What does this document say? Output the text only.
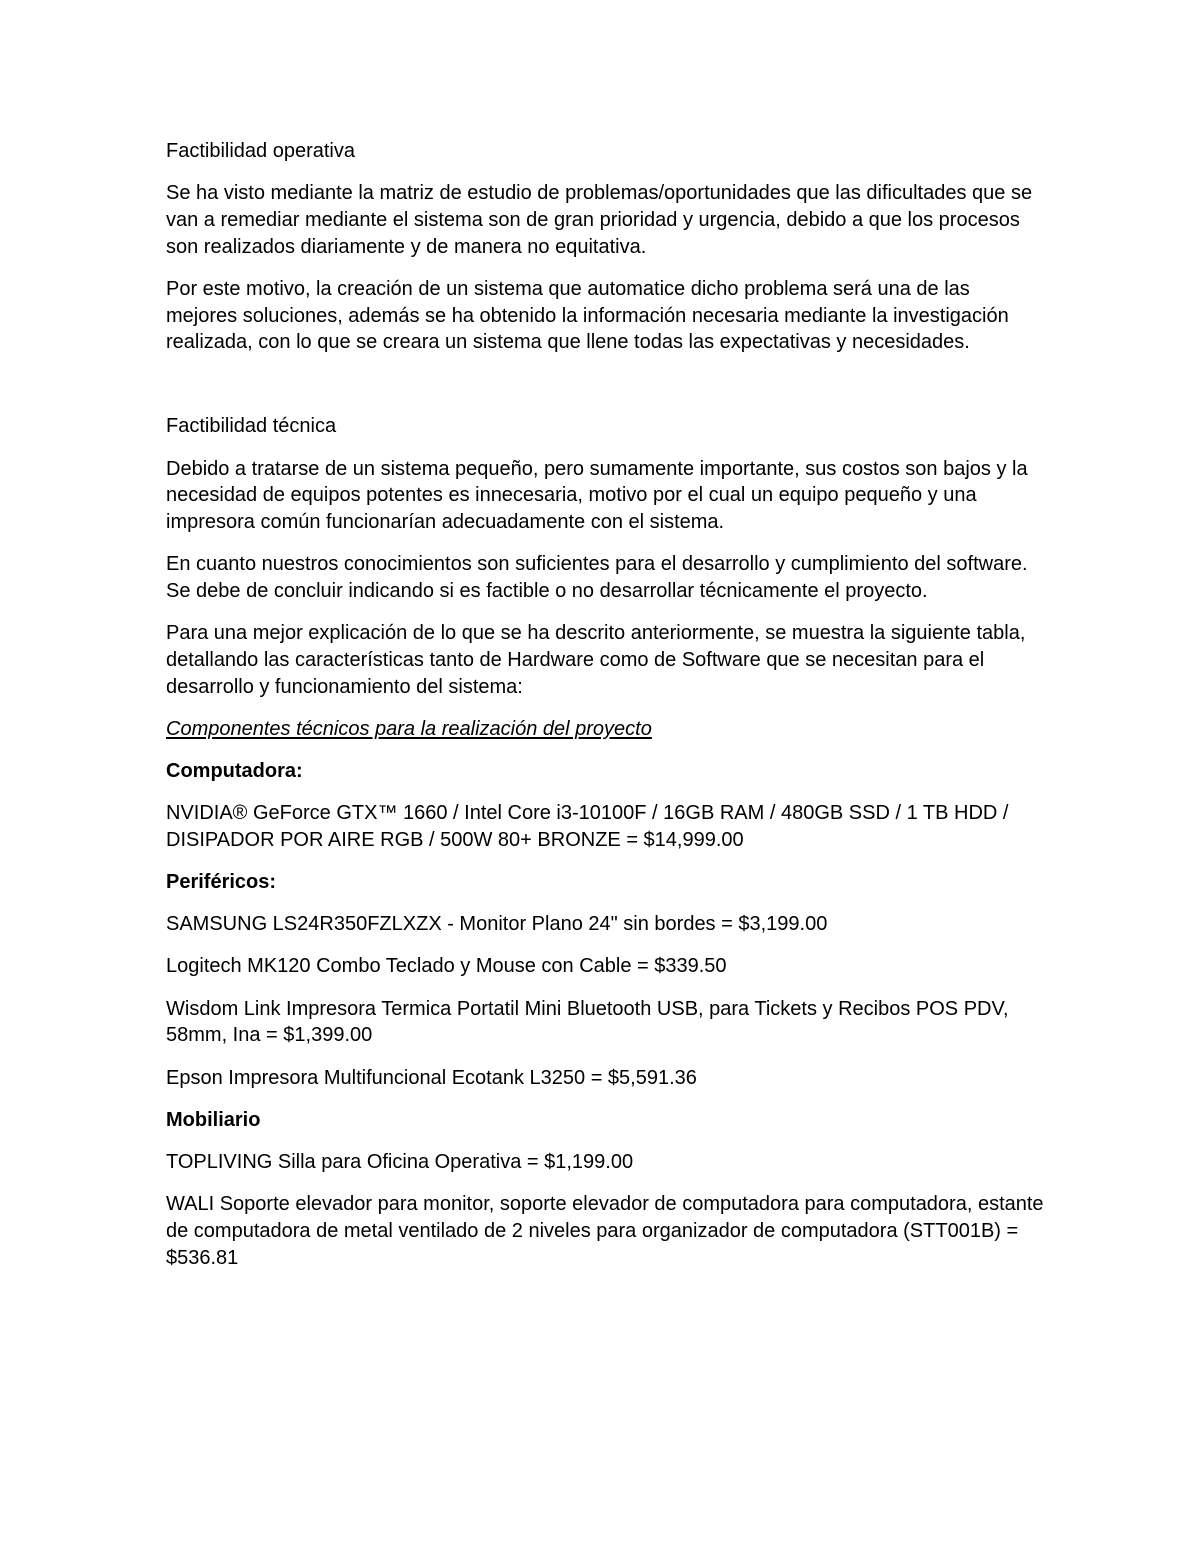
Factibilidad operativa

Se ha visto mediante la matriz de estudio de problemas/oportunidades que las dificultades que se van a remediar mediante el sistema son de gran prioridad y urgencia, debido a que los procesos son realizados diariamente y de manera no equitativa.

Por este motivo, la creación de un sistema que automatice dicho problema será una de las mejores soluciones, además se ha obtenido la información necesaria mediante la investigación realizada, con lo que se creara un sistema que llene todas las expectativas y necesidades.

Factibilidad técnica

Debido a tratarse de un sistema pequeño, pero sumamente importante, sus costos son bajos y la necesidad de equipos potentes es innecesaria, motivo por el cual un equipo pequeño y una impresora común funcionarían adecuadamente con el sistema.

En cuanto nuestros conocimientos son suficientes para el desarrollo y cumplimiento del software. Se debe de concluir indicando si es factible o no desarrollar técnicamente el proyecto.

Para una mejor explicación de lo que se ha descrito anteriormente, se muestra la siguiente tabla, detallando las características tanto de Hardware como de Software que se necesitan para el desarrollo y funcionamiento del sistema:

Componentes técnicos para la realización del proyecto

Computadora:

NVIDIA® GeForce GTX™ 1660 / Intel Core i3-10100F / 16GB RAM / 480GB SSD / 1 TB HDD / DISIPADOR POR AIRE RGB / 500W 80+ BRONZE = $14,999.00

Periféricos:

SAMSUNG LS24R350FZLXZX - Monitor Plano 24" sin bordes = $3,199.00

Logitech MK120 Combo Teclado y Mouse con Cable = $339.50

Wisdom Link Impresora Termica Portatil Mini Bluetooth USB, para Tickets y Recibos POS PDV, 58mm, Ina = $1,399.00

Epson Impresora Multifuncional Ecotank L3250 = $5,591.36

Mobiliario

TOPLIVING Silla para Oficina Operativa = $1,199.00

WALI Soporte elevador para monitor, soporte elevador de computadora para computadora, estante de computadora de metal ventilado de 2 niveles para organizador de computadora (STT001B) = $536.81
